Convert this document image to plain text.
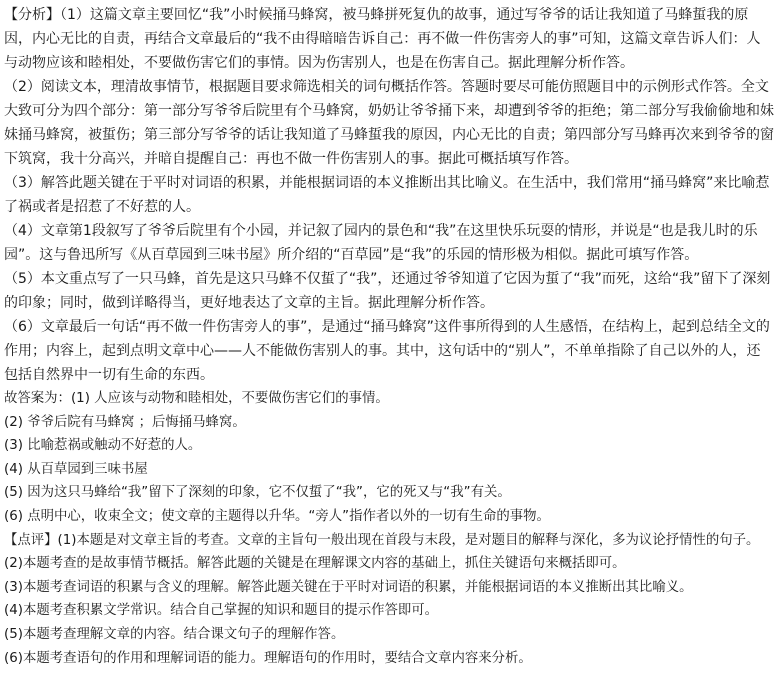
【分析】（1）这篇文章主要回忆“我”小时候捅马蜂窝，被马蜂拼死复仇的故事，通过写爷爷的话让我知道了马蜂蜇我的原因，内心无比的自责，再结合文章最后的“我不由得暗暗告诉自己：再不做一件伤害旁人的事”可知，这篇文章告诉人们：人与动物应该和睦相处，不要做伤害它们的事情。因为伤害别人，也是在伤害自己。据此理解分析作答。

（2）阅读文本，理清故事情节，根据题目要求筛选相关的词句概括作答。答题时要尽可能仿照题目中的示例形式作答。全文大致可分为四个部分：第一部分写爷爷后院里有个马蜂窝，奶奶让爷爷捅下来，却遭到爷爷的拒绝；第二部分写我偷偷地和妹妹捅马蜂窝，被蜇伤；第三部分写爷爷的话让我知道了马蜂蜇我的原因，内心无比的自责；第四部分写马蜂再次来到爷爷的窗下筑窝，我十分高兴，并暗自提醒自己：再也不做一件伤害别人的事。据此可概括填写作答。

（3）解答此题关键在于平时对词语的积累，并能根据词语的本义推断出其比喻义。在生活中，我们常用“捅马蜂窝”来比喻惹了祸或者是招惹了不好惹的人。

（4）文章第1段叙写了爷爷后院里有个小园，并记叙了园内的景色和“我”在这里快乐玩耍的情形，并说是“也是我儿时的乐园”。这与鲁迅所写《从百草园到三味书屋》所介绍的“百草园”是“我”的乐园的情形极为相似。据此可填写作答。

（5）本文重点写了一只马蜂，首先是这只马蜂不仅蜇了“我”，还通过爷爷知道了它因为蜇了“我”而死，这给“我”留下了深刻的印象；同时，做到详略得当，更好地表达了文章的主旨。据此理解分析作答。

（6）文章最后一句话“再不做一件伤害旁人的事”，是通过“捅马蜂窝”这件事所得到的人生感悟，在结构上，起到总结全文的作用；内容上，起到点明文章中心——人不能做伤害别人的事。其中，这句话中的“别人”，不单单指除了自己以外的人，还包括自然界中一切有生命的东西。

故答案为：(1) 人应该与动物和睦相处，不要做伤害它们的事情。

(2) 爷爷后院有马蜂窝 ；后悔捅马蜂窝。

(3) 比喻惹祸或触动不好惹的人。

(4) 从百草园到三味书屋

(5) 因为这只马蜂给“我”留下了深刻的印象，它不仅蜇了“我”，它的死又与“我”有关。

(6) 点明中心，收束全文；使文章的主题得以升华。“旁人”指作者以外的一切有生命的事物。

【点评】(1)本题是对文章主旨的考查。文章的主旨句一般出现在首段与末段，是对题目的解释与深化，多为议论抒情性的句子。

(2)本题考查的是故事情节概括。解答此题的关键是在理解课文内容的基础上，抓住关键语句来概括即可。

(3)本题考查词语的积累与含义的理解。解答此题关键在于平时对词语的积累，并能根据词语的本义推断出其比喻义。

(4)本题考查积累文学常识。结合自己掌握的知识和题目的提示作答即可。

(5)本题考查理解文章的内容。结合课文句子的理解作答。

(6)本题考查语句的作用和理解词语的能力。理解语句的作用时，要结合文章内容来分析。
